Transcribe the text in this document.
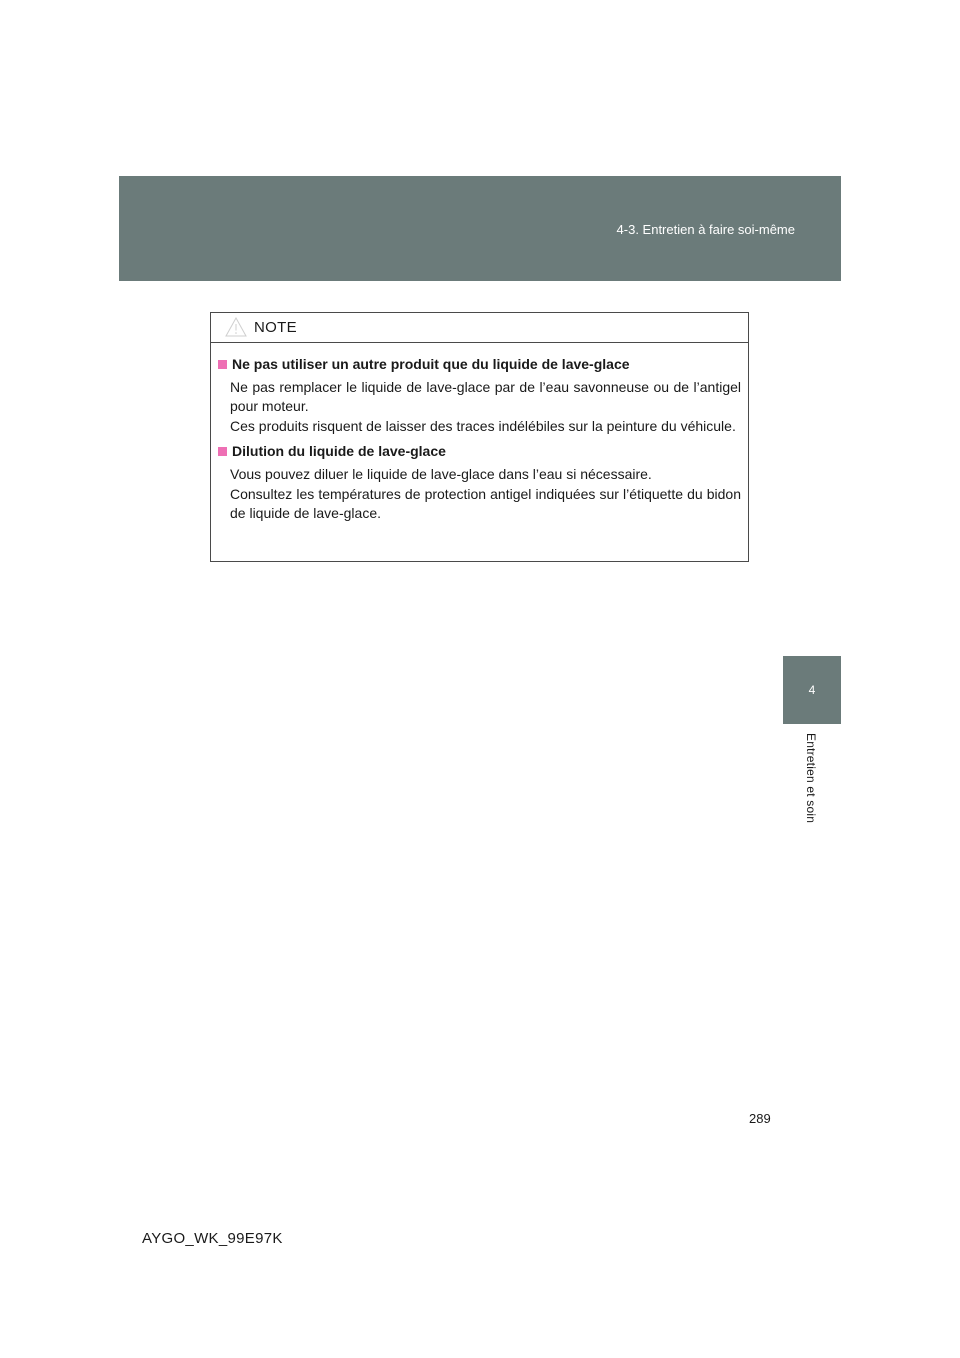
4-3. Entretien à faire soi-même
4
Entretien et soin
NOTE
Ne pas utiliser un autre produit que du liquide de lave-glace

Ne pas remplacer le liquide de lave-glace par de l’eau savonneuse ou de l’antigel pour moteur.
Ces produits risquent de laisser des traces indélébiles sur la peinture du véhicule.

Dilution du liquide de lave-glace

Vous pouvez diluer le liquide de lave-glace dans l’eau si nécessaire.
Consultez les températures de protection antigel indiquées sur l’étiquette du bidon de liquide de lave-glace.

289
AYGO_WK_99E97K
